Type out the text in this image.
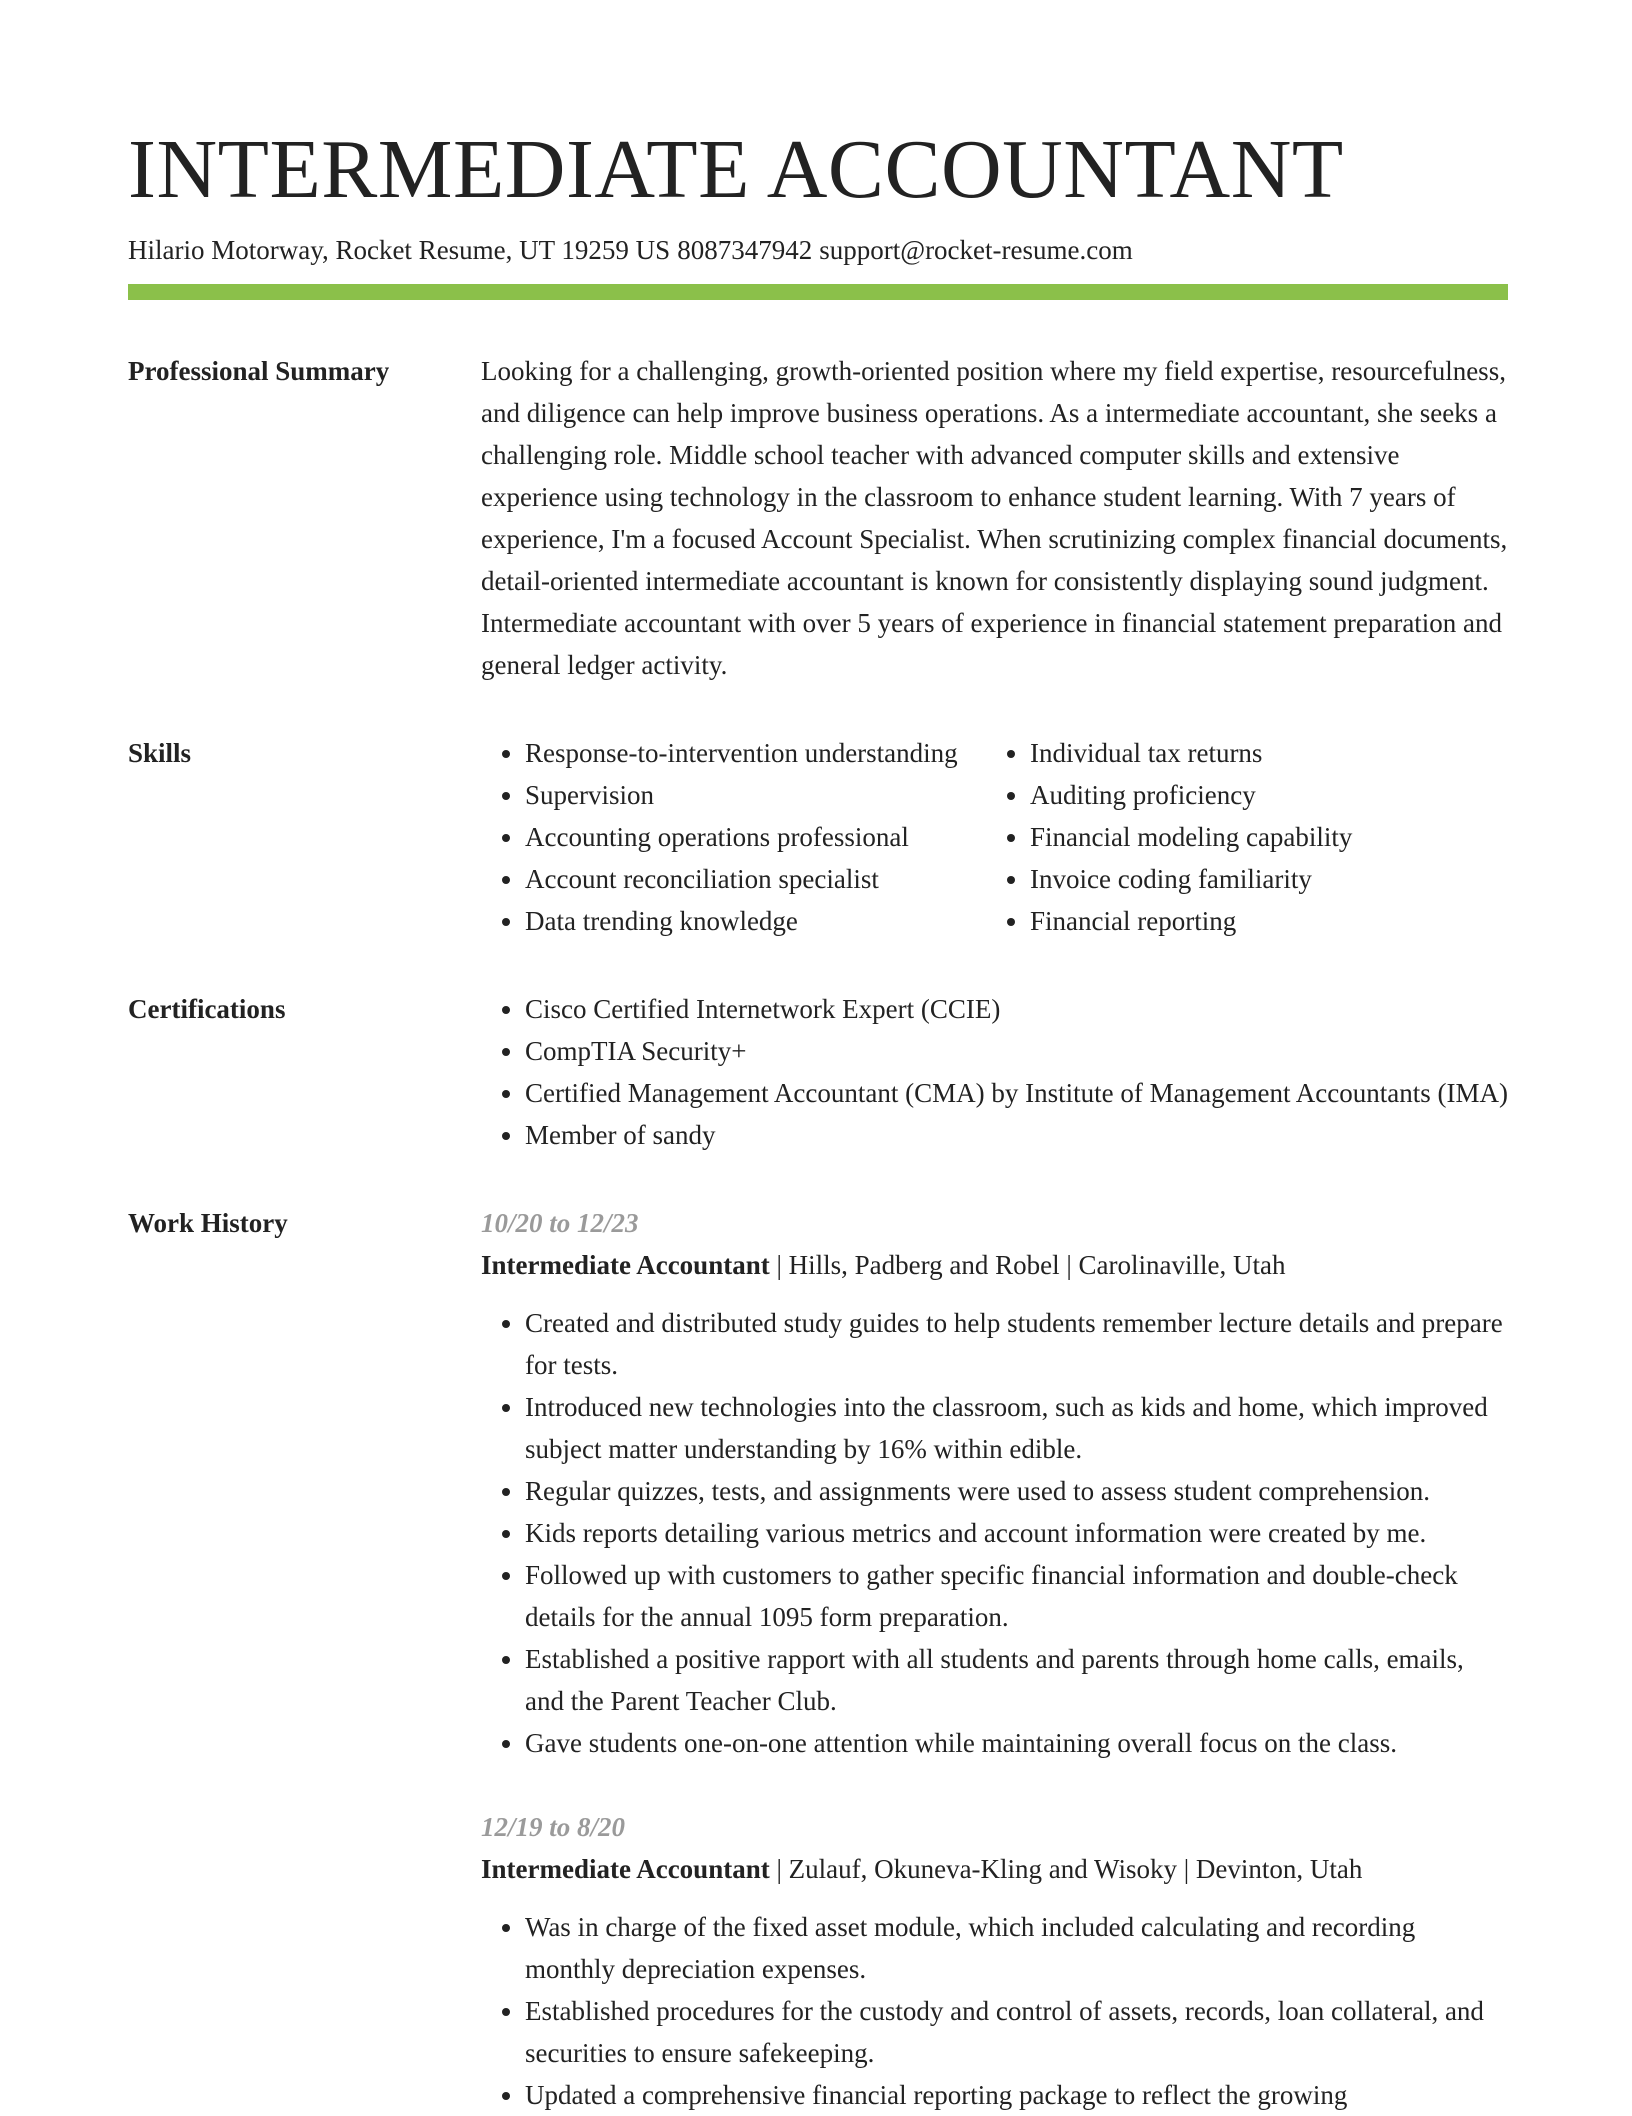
INTERMEDIATE ACCOUNTANT
Hilario Motorway, Rocket Resume, UT 19259 US 8087347942 support@rocket-resume.com
Professional Summary	Looking for a challenging, growth-oriented position where my field expertise, resourcefulness, and diligence can help improve business operations. As a intermediate accountant, she seeks a challenging role. Middle school teacher with advanced computer skills and extensive experience using technology in the classroom to enhance student learning. With 7 years of experience, I'm a focused Account Specialist. When scrutinizing complex financial documents, detail-oriented intermediate accountant is known for consistently displaying sound judgment. Intermediate accountant with over 5 years of experience in financial statement preparation and general ledger activity.

Skills	• Response-to-intervention understanding
• Supervision
• Accounting operations professional
• Account reconciliation specialist
• Data trending knowledge
• Individual tax returns
• Auditing proficiency
• Financial modeling capability
• Invoice coding familiarity
• Financial reporting
Certifications	• Cisco Certified Internetwork Expert (CCIE)
• CompTIA Security+
• Certified Management Accountant (CMA) by Institute of Management Accountants (IMA)
• Member of sandy
Work History	10/20 to 12/23
Intermediate Accountant | Hills, Padberg and Robel | Carolinaville, Utah
• Created and distributed study guides to help students remember lecture details and prepare for tests.
• Introduced new technologies into the classroom, such as kids and home, which improved subject matter understanding by 16% within edible.
• Regular quizzes, tests, and assignments were used to assess student comprehension.
• Kids reports detailing various metrics and account information were created by me.
• Followed up with customers to gather specific financial information and double-check details for the annual 1095 form preparation.
• Established a positive rapport with all students and parents through home calls, emails, and the Parent Teacher Club.
• Gave students one-on-one attention while maintaining overall focus on the class.
12/19 to 8/20
Intermediate Accountant | Zulauf, Okuneva-Kling and Wisoky | Devinton, Utah
• Was in charge of the fixed asset module, which included calculating and recording monthly depreciation expenses.
• Established procedures for the custody and control of assets, records, loan collateral, and securities to ensure safekeeping.
• Updated a comprehensive financial reporting package to reflect the growing
